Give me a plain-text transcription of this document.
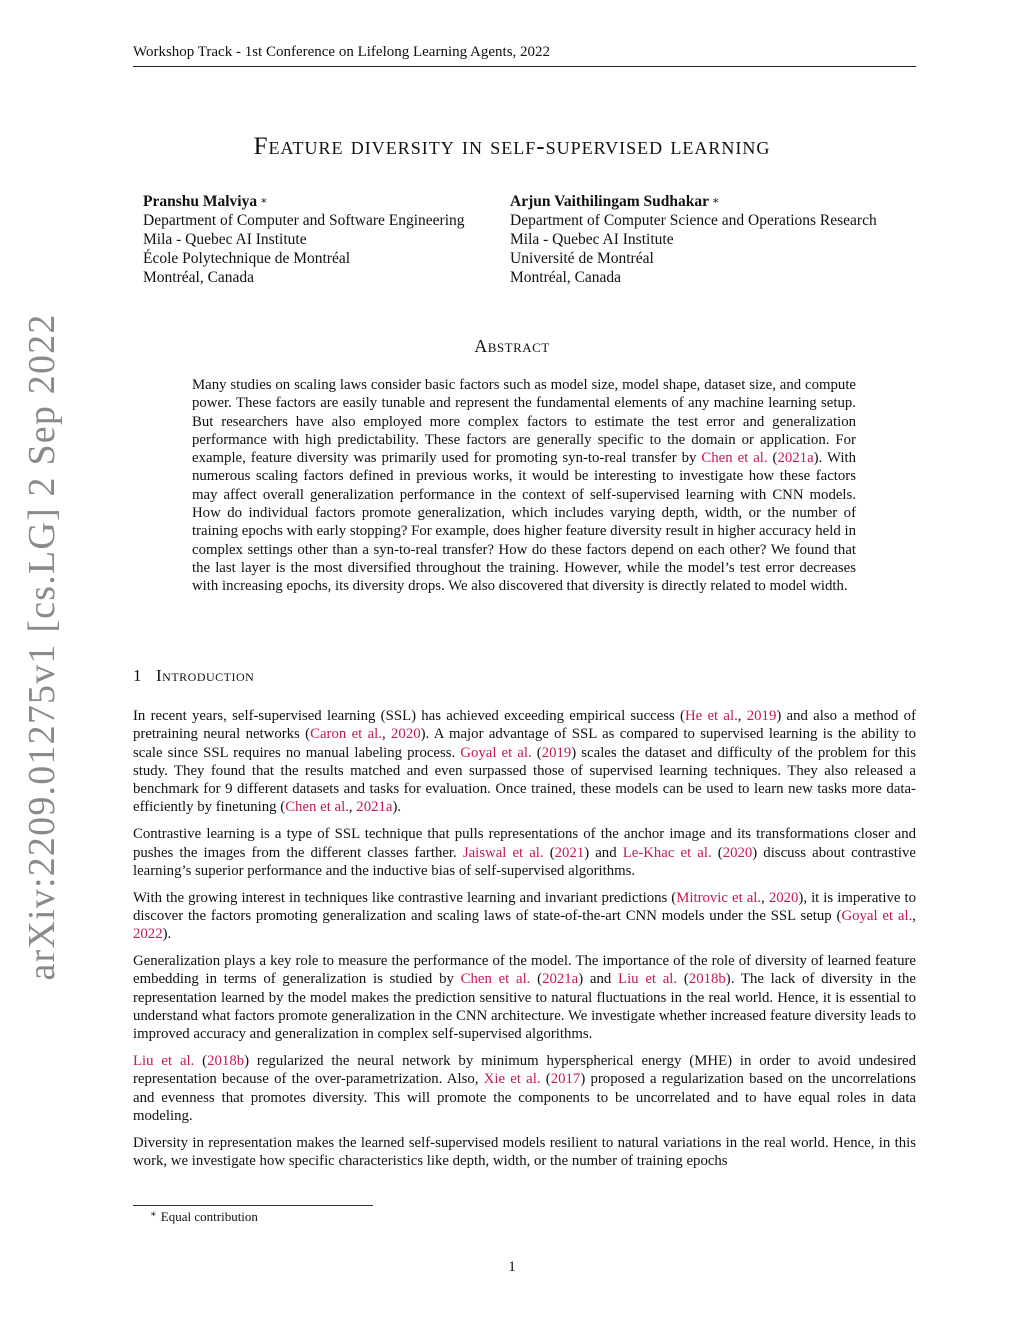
Workshop Track - 1st Conference on Lifelong Learning Agents, 2022
Feature diversity in self-supervised learning
Pranshu Malviya ∗
Department of Computer and Software Engineering
Mila - Quebec AI Institute
École Polytechnique de Montréal
Montréal, Canada
Arjun Vaithilingam Sudhakar ∗
Department of Computer Science and Operations Research
Mila - Quebec AI Institute
Université de Montréal
Montréal, Canada
Abstract

Many studies on scaling laws consider basic factors such as model size, model shape, dataset size, and compute power. These factors are easily tunable and represent the fundamental elements of any machine learning setup. But researchers have also employed more complex factors to estimate the test error and generalization performance with high predictability. These factors are generally specific to the domain or application. For example, feature diversity was primarily used for promoting syn-to-real transfer by Chen et al. (2021a). With numerous scaling factors defined in previous works, it would be interesting to investigate how these factors may affect overall generalization performance in the context of self-supervised learning with CNN models. How do individual factors promote generalization, which includes varying depth, width, or the number of training epochs with early stopping? For example, does higher feature diversity result in higher accuracy held in complex settings other than a syn-to-real transfer? How do these factors depend on each other? We found that the last layer is the most diversified throughout the training. However, while the model’s test error decreases with increasing epochs, its diversity drops. We also discovered that diversity is directly related to model width.

1 Introduction

In recent years, self-supervised learning (SSL) has achieved exceeding empirical success (He et al., 2019) and also a method of pretraining neural networks (Caron et al., 2020). A major advantage of SSL as compared to supervised learning is the ability to scale since SSL requires no manual labeling process. Goyal et al. (2019) scales the dataset and difficulty of the problem for this study. They found that the results matched and even surpassed those of supervised learning techniques. They also released a benchmark for 9 different datasets and tasks for evaluation. Once trained, these models can be used to learn new tasks more data-efficiently by finetuning (Chen et al., 2021a).

Contrastive learning is a type of SSL technique that pulls representations of the anchor image and its transformations closer and pushes the images from the different classes farther. Jaiswal et al. (2021) and Le-Khac et al. (2020) discuss about contrastive learning’s superior performance and the inductive bias of self-supervised algorithms.

With the growing interest in techniques like contrastive learning and invariant predictions (Mitrovic et al., 2020), it is imperative to discover the factors promoting generalization and scaling laws of state-of-the-art CNN models under the SSL setup (Goyal et al., 2022).

Generalization plays a key role to measure the performance of the model. The importance of the role of diversity of learned feature embedding in terms of generalization is studied by Chen et al. (2021a) and Liu et al. (2018b). The lack of diversity in the representation learned by the model makes the prediction sensitive to natural fluctuations in the real world. Hence, it is essential to understand what factors promote generalization in the CNN architecture. We investigate whether increased feature diversity leads to improved accuracy and generalization in complex self-supervised algorithms.

Liu et al. (2018b) regularized the neural network by minimum hyperspherical energy (MHE) in order to avoid undesired representation because of the over-parametrization. Also, Xie et al. (2017) proposed a regularization based on the uncorrelations and evenness that promotes diversity. This will promote the components to be uncorrelated and to have equal roles in data modeling.

Diversity in representation makes the learned self-supervised models resilient to natural variations in the real world. Hence, in this work, we investigate how specific characteristics like depth, width, or the number of training epochs

∗ Equal contribution
1
arXiv:2209.01275v1 [cs.LG] 2 Sep 2022
